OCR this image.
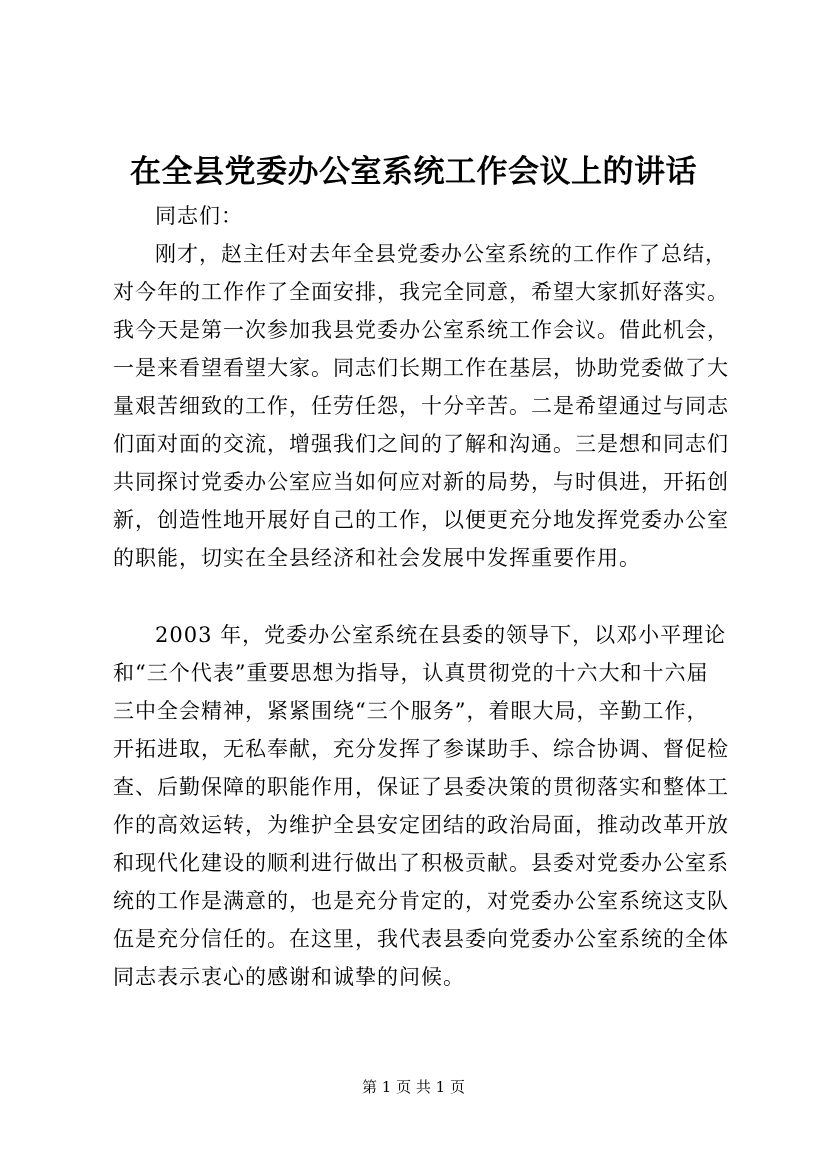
在全县党委办公室系统工作会议上的讲话
同志们：
刚才，赵主任对去年全县党委办公室系统的工作作了总结，
对今年的工作作了全面安排，我完全同意，希望大家抓好落实。
我今天是第一次参加我县党委办公室系统工作会议。借此机会，
一是来看望看望大家。同志们长期工作在基层，协助党委做了大
量艰苦细致的工作，任劳任怨，十分辛苦。二是希望通过与同志
们面对面的交流，增强我们之间的了解和沟通。三是想和同志们
共同探讨党委办公室应当如何应对新的局势，与时俱进，开拓创
新，创造性地开展好自己的工作，以便更充分地发挥党委办公室
的职能，切实在全县经济和社会发展中发挥重要作用。
2003 年，党委办公室系统在县委的领导下，以邓小平理论
和“三个代表”重要思想为指导，认真贯彻党的十六大和十六届
三中全会精神，紧紧围绕“三个服务”，着眼大局，辛勤工作，
开拓进取，无私奉献，充分发挥了参谋助手、综合协调、督促检
查、后勤保障的职能作用，保证了县委决策的贯彻落实和整体工
作的高效运转，为维护全县安定团结的政治局面，推动改革开放
和现代化建设的顺利进行做出了积极贡献。县委对党委办公室系
统的工作是满意的，也是充分肯定的，对党委办公室系统这支队
伍是充分信任的。在这里，我代表县委向党委办公室系统的全体
同志表示衷心的感谢和诚挚的问候。
第 1 页 共 1 页
